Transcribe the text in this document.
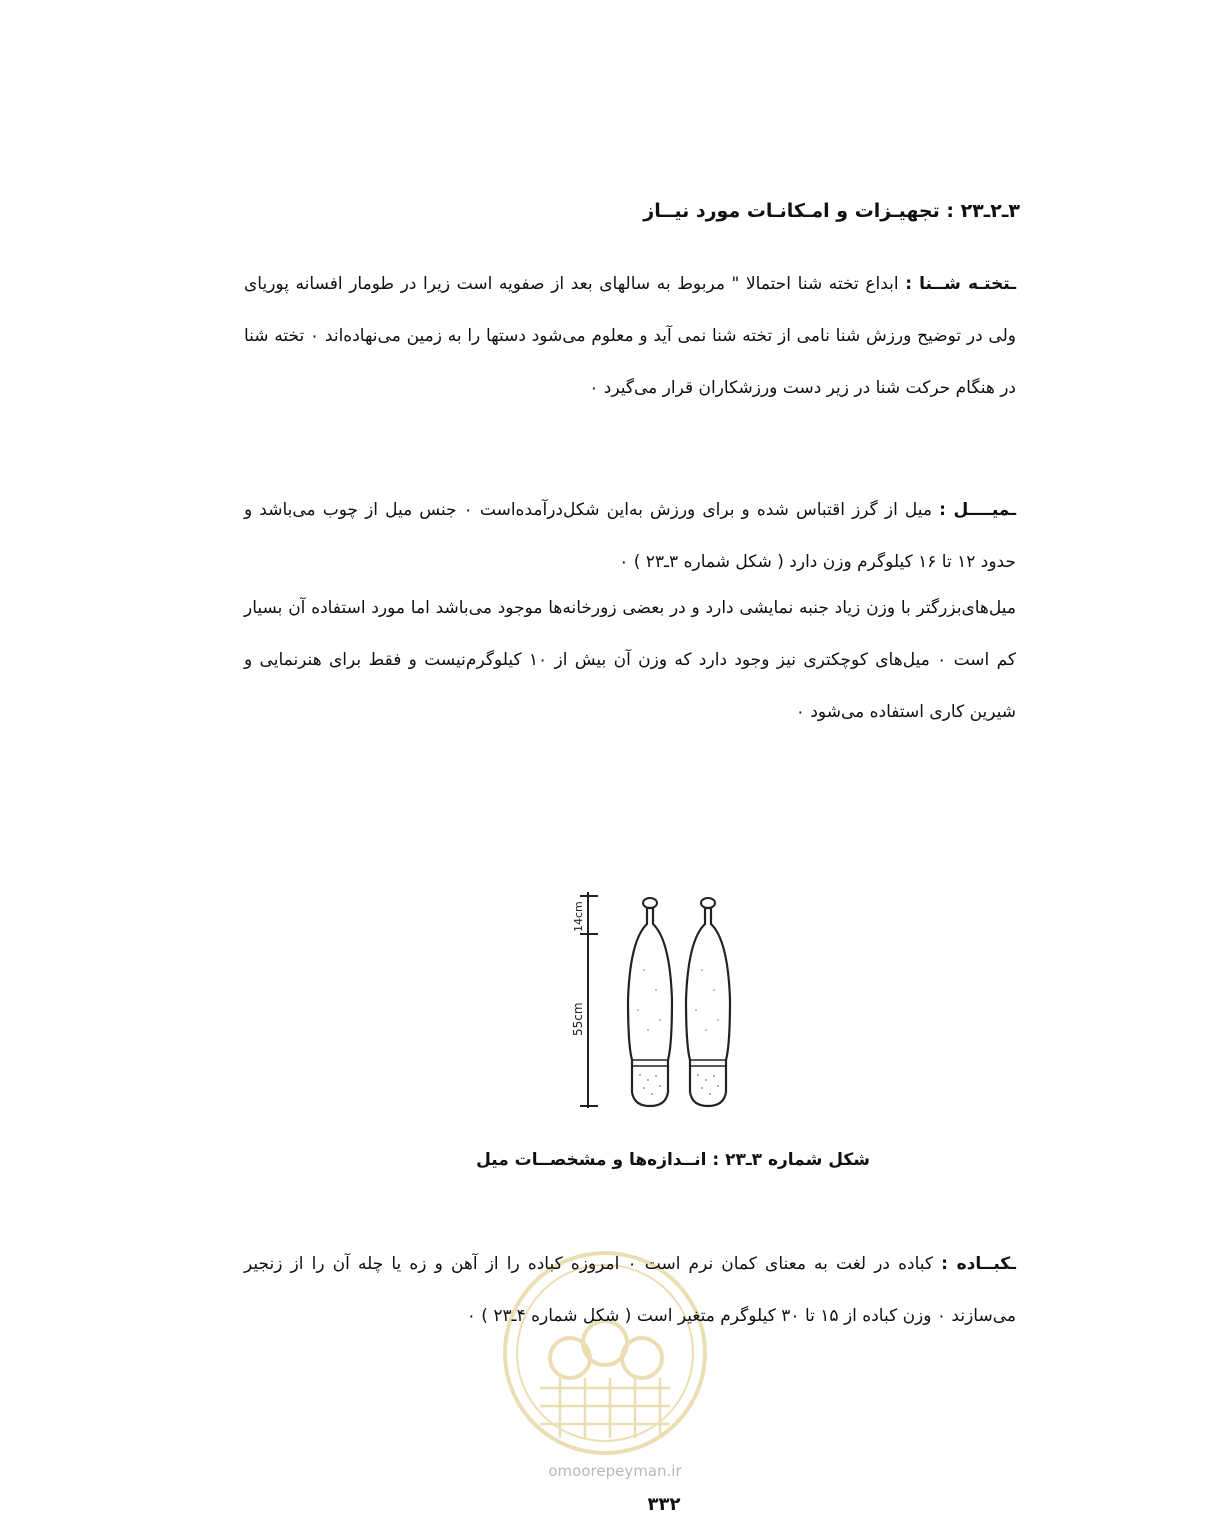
۳ـ۲ـ۲۳ : تجهیـزات و امـکانـات مورد نیــاز
ـتختـه شــنا : ابداع تخته شنا احتمالا " مربوط به سالهای بعد از صفویه است زیرا در طومار افسانه پوریای ولی در توضیح ورزش شنا نامی از تخته شنا نمی آید و معلوم می‌شود دستها را به زمین می‌نهاده‌اند ۰ تخته شنا در هنگام حرکت شنا در زیر دست ورزشکاران قرار می‌گیرد ۰
ـمیــــل : میل از گرز اقتباس شده و برای ورزش به‌این شکل‌درآمده‌است ۰ جنس میل از چوب می‌باشد و حدود ۱۲ تا ۱۶ کیلوگرم وزن دارد ( شکل شماره ۳ـ۲۳ ) ۰
میل‌های‌بزرگتر با وزن زیاد جنبه نمایشی دارد و در بعضی زورخانه‌ها موجود می‌باشد اما مورد استفاده آن بسیار کم است ۰ میل‌های کوچکتری نیز وجود دارد که وزن آن بیش از ۱۰ کیلوگرم‌نیست و فقط برای هنرنمایی و شیرین کاری استفاده می‌شود ۰
14cm
55cm
شکل شماره ۳ـ۲۳ : انــدازه‌ها و مشخصــات میل
ـکبــاده : کباده در لغت به معنای کمان نرم است ۰ امروزه کباده را از آهن و زه یا چله آن را از زنجیر می‌سازند ۰ وزن کباده از ۱۵ تا ۳۰ کیلوگرم متغیر است ( شکل شماره ۴ـ۲۳ ) ۰
omoorepeyman.ir
۳۳۲
